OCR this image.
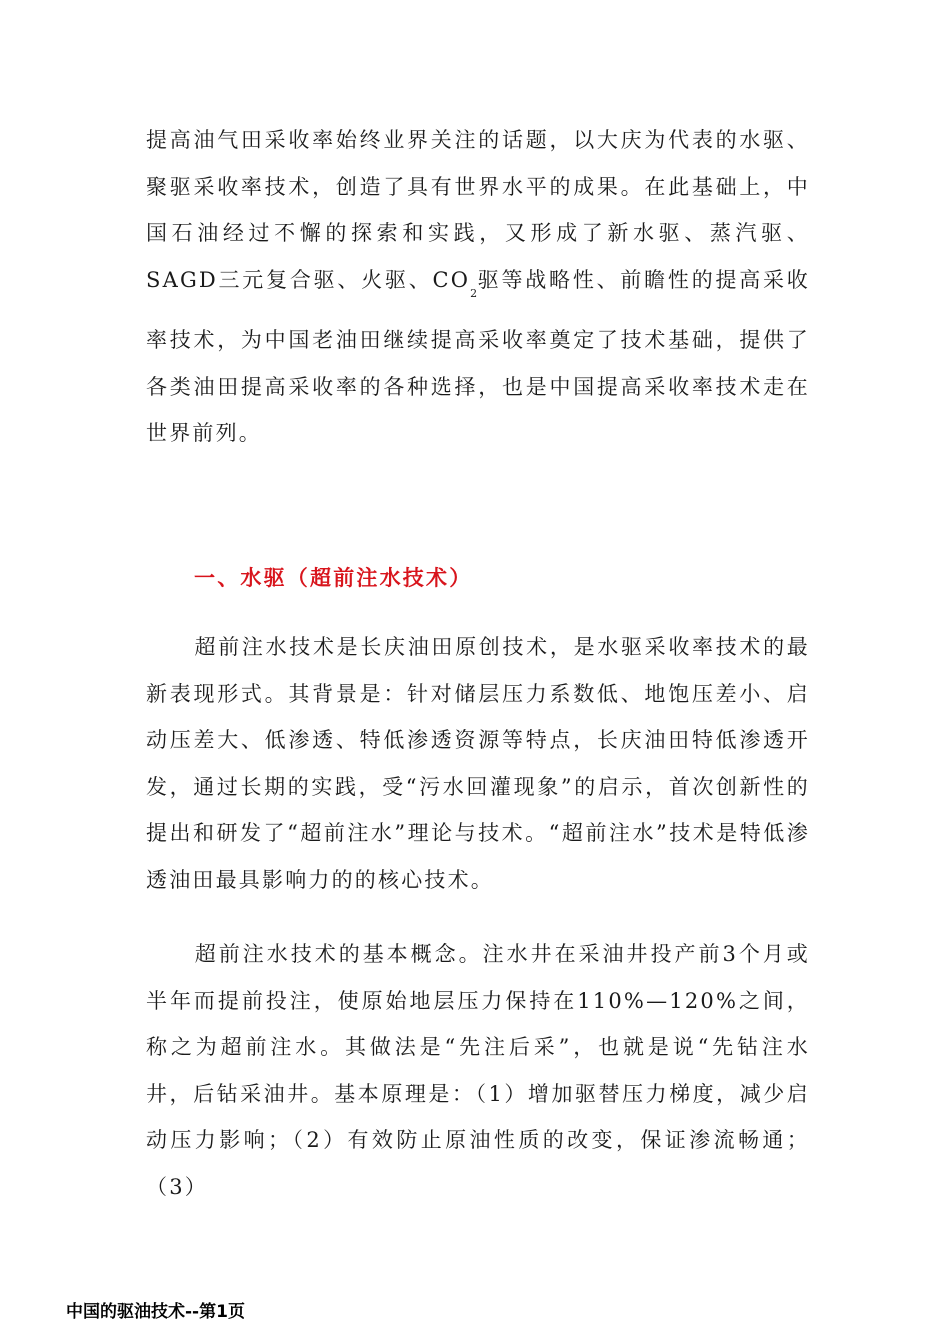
提高油气田采收率始终业界关注的话题，以大庆为代表的水驱、聚驱采收率技术，创造了具有世界水平的成果。在此基础上，中国石油经过不懈的探索和实践，又形成了新水驱、蒸汽驱、SAGD三元复合驱、火驱、$CO_2$驱等战略性、前瞻性的提高采收率技术，为中国老油田继续提高采收率奠定了技术基础，提供了各类油田提高采收率的各种选择，也是中国提高采收率技术走在世界前列。

一、水驱（超前注水技术）

超前注水技术是长庆油田原创技术，是水驱采收率技术的最新表现形式。其背景是：针对储层压力系数低、地饱压差小、启动压差大、低渗透、特低渗透资源等特点，长庆油田特低渗透开发，通过长期的实践，受“污水回灌现象”的启示，首次创新性的提出和研发了“超前注水”理论与技术。“超前注水”技术是特低渗透油田最具影响力的的核心技术。

超前注水技术的基本概念。注水井在采油井投产前3个月或半年而提前投注，使原始地层压力保持在110%—120%之间，称之为超前注水。其做法是“先注后采”，也就是说“先钻注水井，后钻采油井。基本原理是：（1）增加驱替压力梯度，减少启动压力影响；（2）有效防止原油性质的改变，保证渗流畅通；（3）

中国的驱油技术--第1页
